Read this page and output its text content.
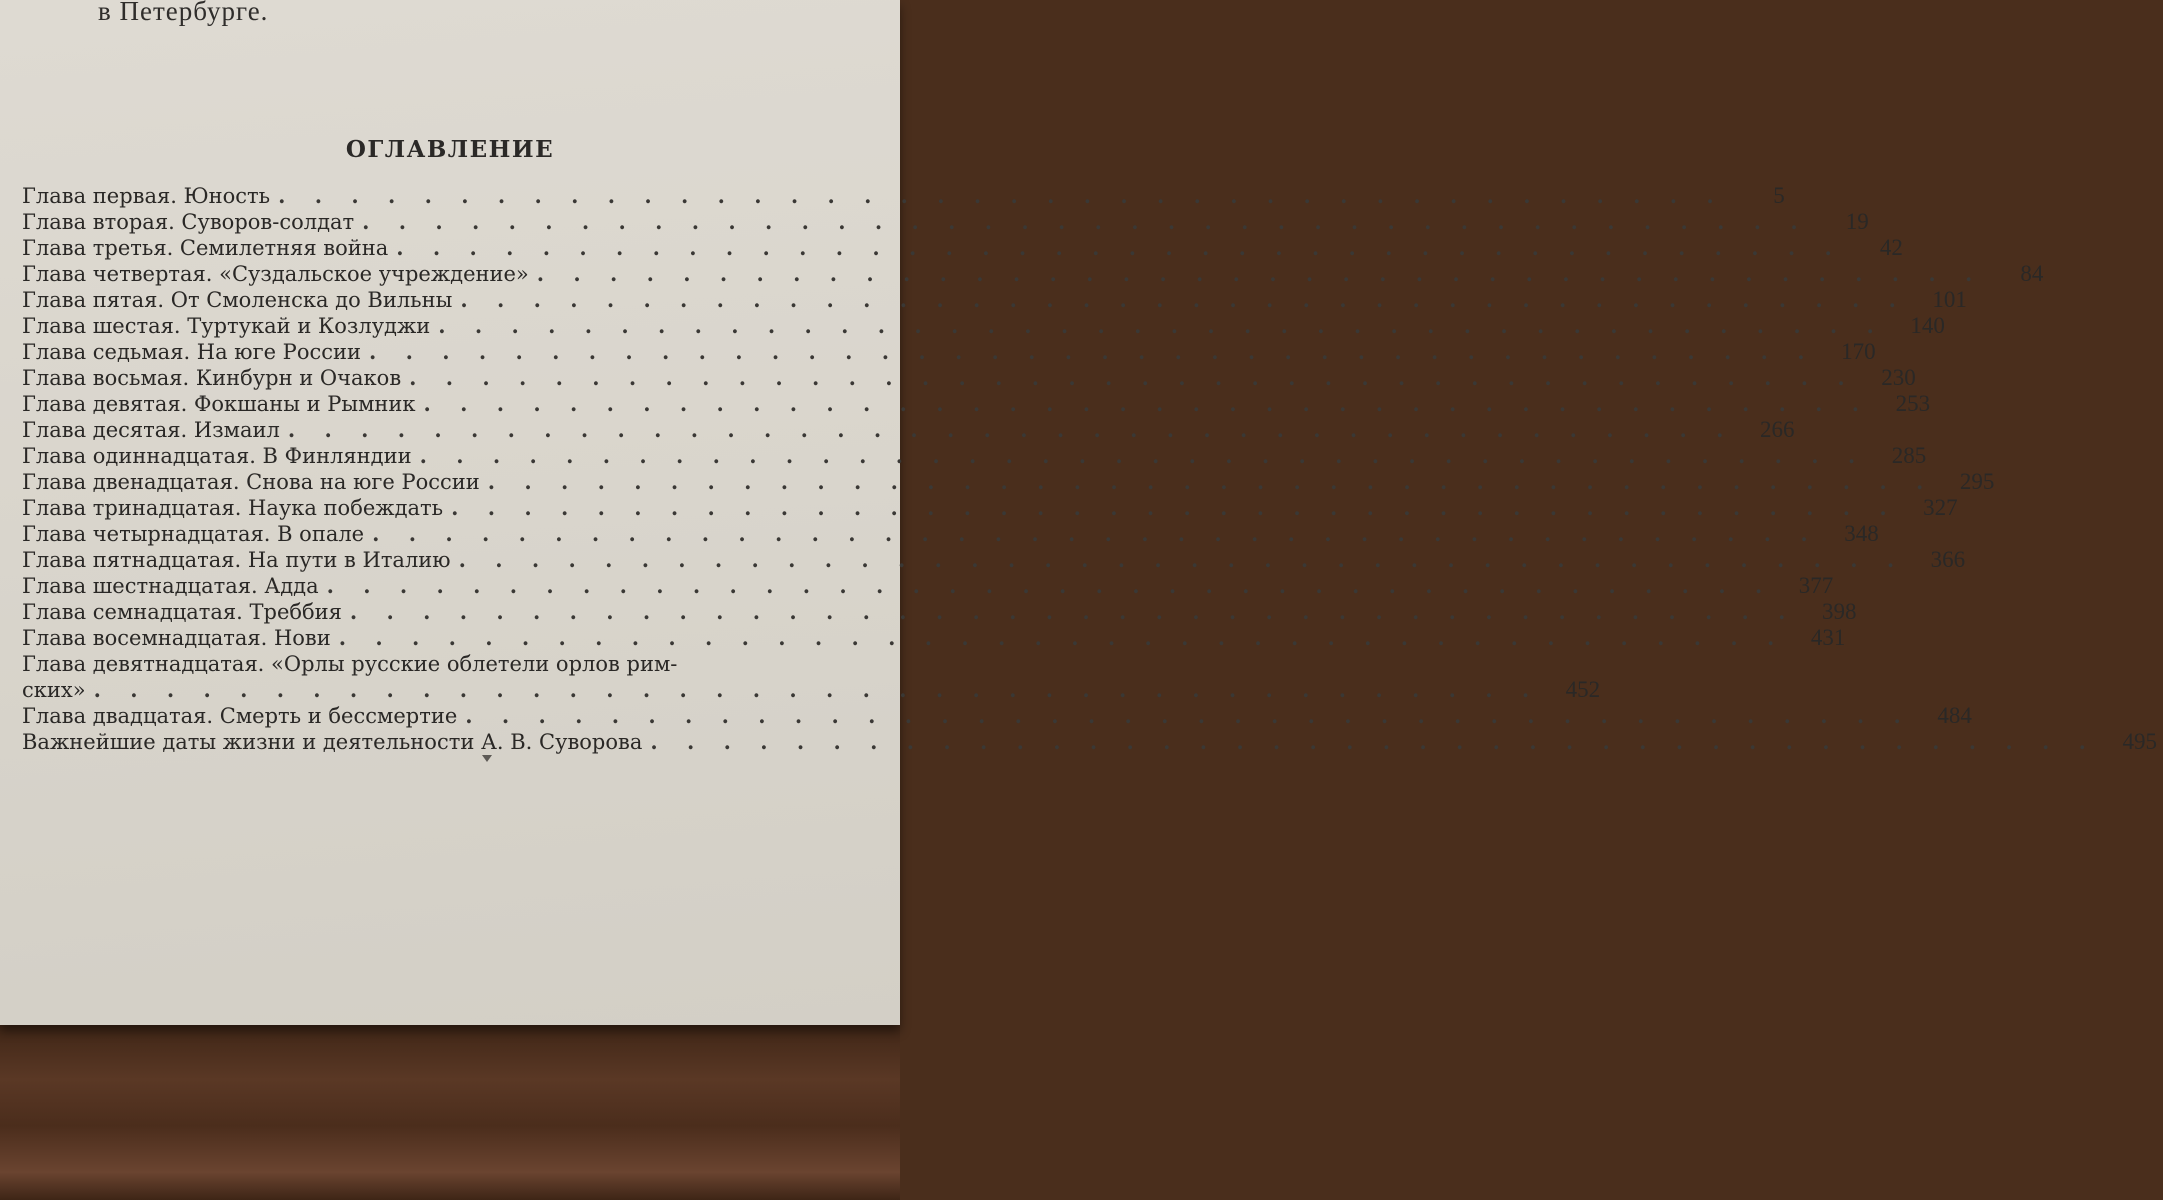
в Петербурге.
ОГЛАВЛЕНИЕ
Глава первая. Юность . . . . . . . . . . . . . . . . . . . . . . . . . . . . . . . . . . . . . . . .	5
Глава вторая. Суворов-солдат . . . . . . . . . . . . . . . . . . . . . . . . . . . . . . . . . . . . . . . .	19
Глава третья. Семилетняя война . . . . . . . . . . . . . . . . . . . . . . . . . . . . . . . . . . . . . . . .	42
Глава четвертая. «Суздальское учреждение» . . . . . . . . . . . . . . . . . . . . . . . . . . . . . . . . . . . . . . . .	84
Глава пятая. От Смоленска до Вильны . . . . . . . . . . . . . . . . . . . . . . . . . . . . . . . . . . . . . . . .	101
Глава шестая. Туртукай и Козлуджи . . . . . . . . . . . . . . . . . . . . . . . . . . . . . . . . . . . . . . . .	140
Глава седьмая. На юге России . . . . . . . . . . . . . . . . . . . . . . . . . . . . . . . . . . . . . . . .	170
Глава восьмая. Кинбурн и Очаков . . . . . . . . . . . . . . . . . . . . . . . . . . . . . . . . . . . . . . . .	230
Глава девятая. Фокшаны и Рымник . . . . . . . . . . . . . . . . . . . . . . . . . . . . . . . . . . . . . . . .	253
Глава десятая. Измаил . . . . . . . . . . . . . . . . . . . . . . . . . . . . . . . . . . . . . . . .	266
Глава одиннадцатая. В Финляндии . . . . . . . . . . . . . . . . . . . . . . . . . . . . . . . . . . . . . . . .	285
Глава двенадцатая. Снова на юге России . . . . . . . . . . . . . . . . . . . . . . . . . . . . . . . . . . . . . . . .	295
Глава тринадцатая. Наука побеждать . . . . . . . . . . . . . . . . . . . . . . . . . . . . . . . . . . . . . . . .	327
Глава четырнадцатая. В опале . . . . . . . . . . . . . . . . . . . . . . . . . . . . . . . . . . . . . . . .	348
Глава пятнадцатая. На пути в Италию . . . . . . . . . . . . . . . . . . . . . . . . . . . . . . . . . . . . . . . .	366
Глава шестнадцатая. Адда . . . . . . . . . . . . . . . . . . . . . . . . . . . . . . . . . . . . . . . .	377
Глава семнадцатая. Треббия . . . . . . . . . . . . . . . . . . . . . . . . . . . . . . . . . . . . . . . .	398
Глава восемнадцатая. Нови . . . . . . . . . . . . . . . . . . . . . . . . . . . . . . . . . . . . . . . .	431
Глава девятнадцатая. «Орлы русские облетели орлов рим-
ских» . . . . . . . . . . . . . . . . . . . . . . . . . . . . . . . . . . . . . . . .	452
Глава двадцатая. Смерть и бессмертие . . . . . . . . . . . . . . . . . . . . . . . . . . . . . . . . . . . . . . . .	484
Важнейшие даты жизни и деятельности А. В. Суворова . . . . . . . . . . . . . . . . . . . . . . . . . . . . . . . . . . . . . . . .	495
